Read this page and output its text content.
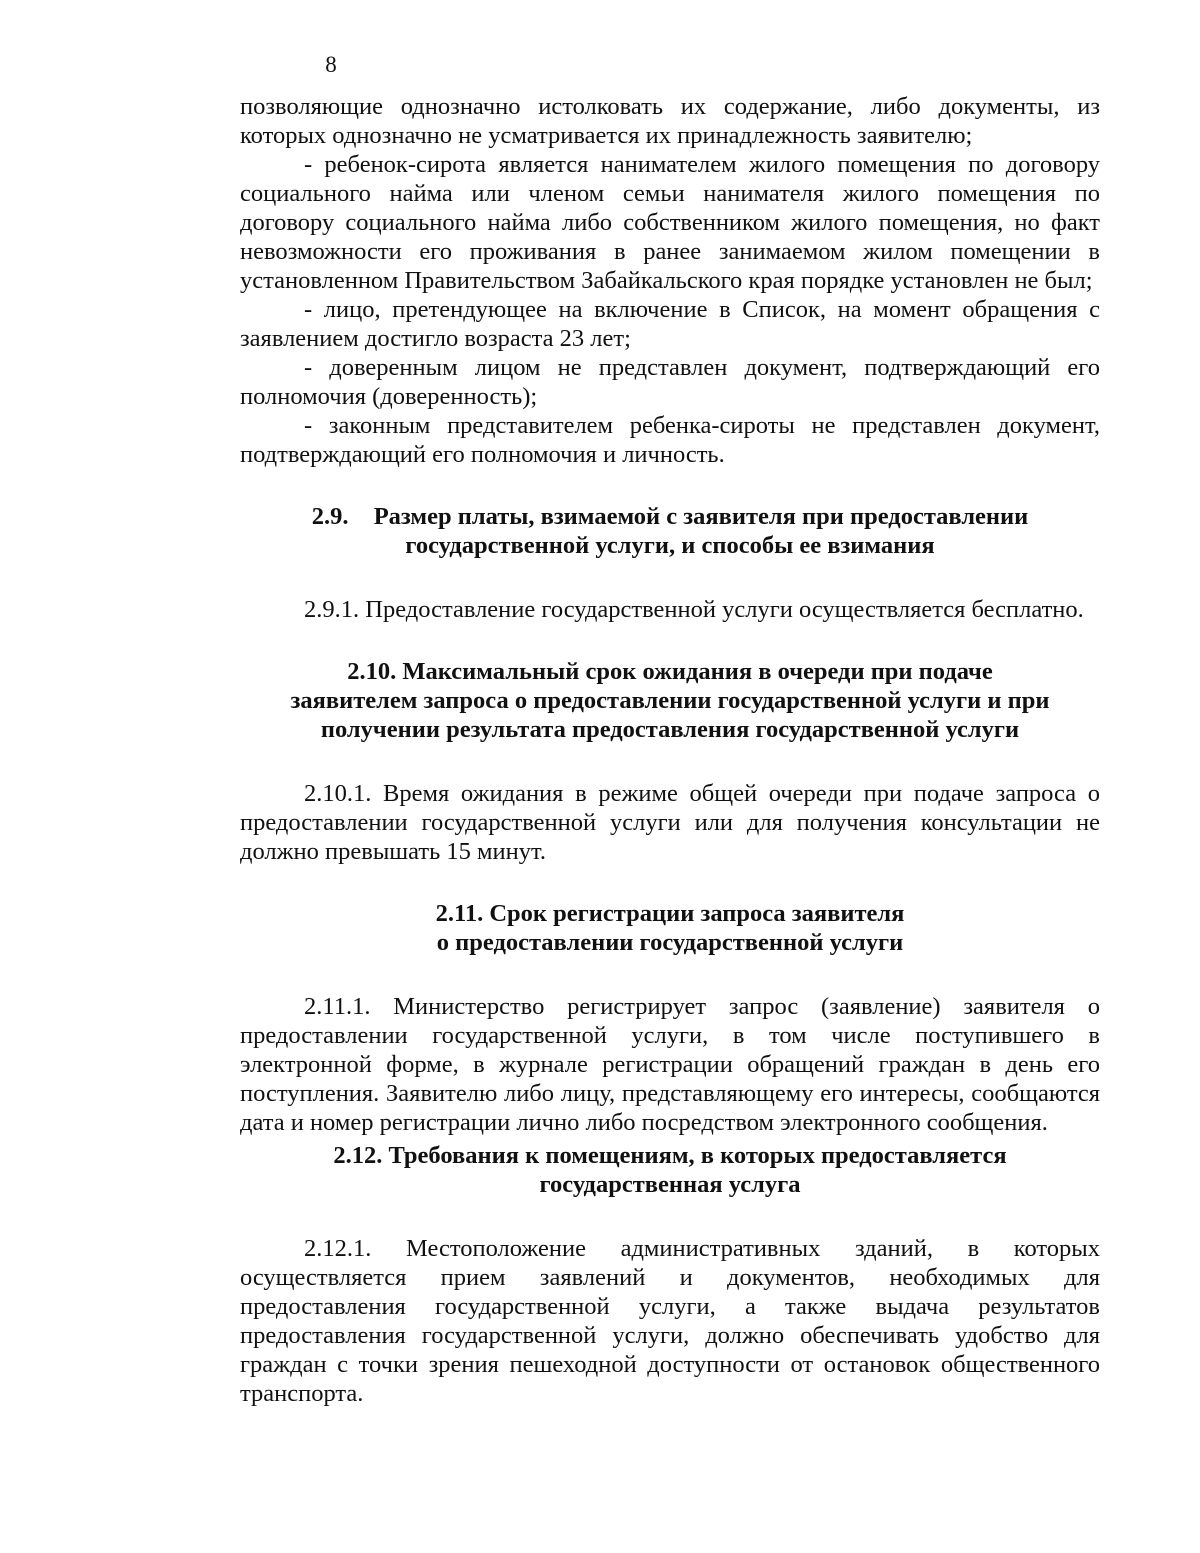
8

позволяющие однозначно истолковать их содержание, либо документы, из которых однозначно не усматривается их принадлежность заявителю;

- ребенок-сирота является нанимателем жилого помещения по договору социального найма или членом семьи нанимателя жилого помещения по договору социального найма либо собственником жилого помещения, но факт невозможности его проживания в ранее занимаемом жилом помещении в установленном Правительством Забайкальского края порядке установлен не был;

- лицо, претендующее на включение в Список, на момент обращения с заявлением достигло возраста 23 лет;

- доверенным лицом не представлен документ, подтверждающий его полномочия (доверенность);

- законным представителем ребенка-сироты не представлен документ, подтверждающий его полномочия и личность.

2.9. Размер платы, взимаемой с заявителя при предоставлении
государственной услуги, и способы ее взимания

2.9.1. Предоставление государственной услуги осуществляется бесплатно.

2.10. Максимальный срок ожидания в очереди при подаче
заявителем запроса о предоставлении государственной услуги и при
получении результата предоставления государственной услуги

2.10.1. Время ожидания в режиме общей очереди при подаче запроса о предоставлении государственной услуги или для получения консультации не должно превышать 15 минут.

2.11. Срок регистрации запроса заявителя
о предоставлении государственной услуги

2.11.1. Министерство регистрирует запрос (заявление) заявителя о предоставлении государственной услуги, в том числе поступившего в электронной форме, в журнале регистрации обращений граждан в день его поступления. Заявителю либо лицу, представляющему его интересы, сообщаются дата и номер регистрации лично либо посредством электронного сообщения.

2.12. Требования к помещениям, в которых предоставляется
государственная услуга

2.12.1. Местоположение административных зданий, в которых осуществляется прием заявлений и документов, необходимых для предоставления государственной услуги, а также выдача результатов предоставления государственной услуги, должно обеспечивать удобство для граждан с точки зрения пешеходной доступности от остановок общественного транспорта.
